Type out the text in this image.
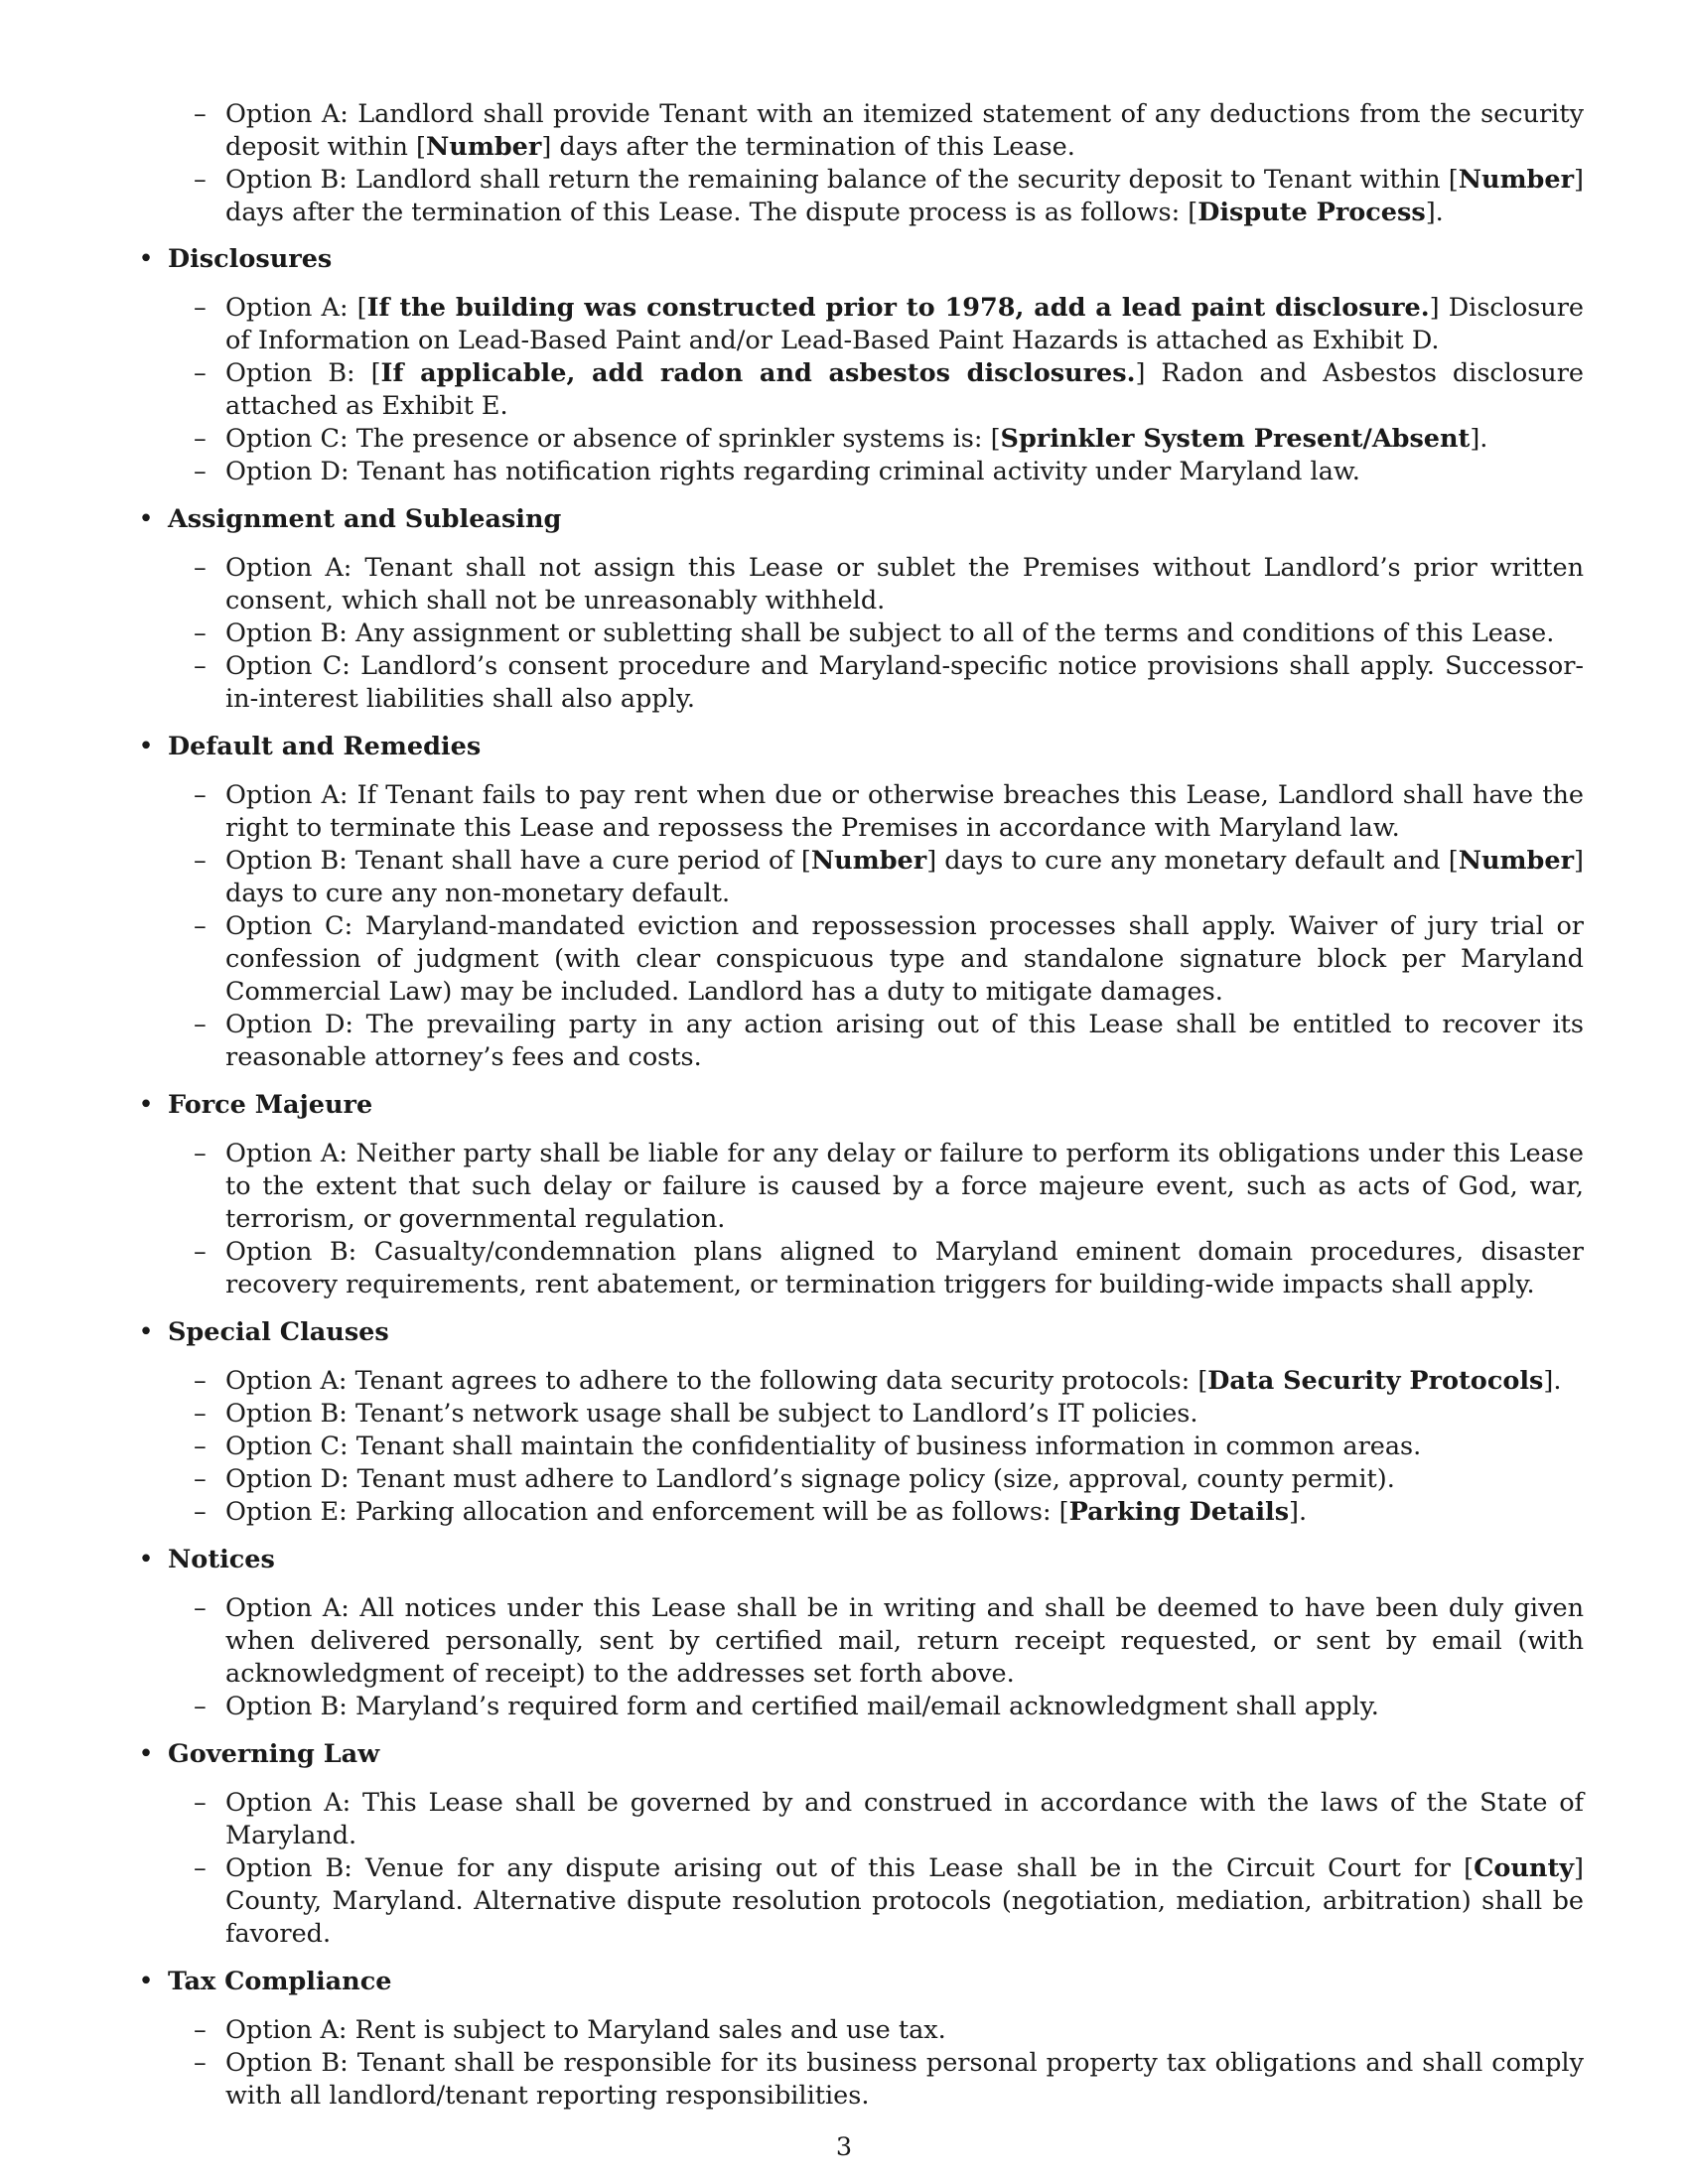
– Option A: Landlord shall provide Tenant with an itemized statement of any deductions from the security deposit within [Number] days after the termination of this Lease.
– Option B: Landlord shall return the remaining balance of the security deposit to Tenant within [Number] days after the termination of this Lease. The dispute process is as follows: [Dispute Process].
• Disclosures
– Option A: [If the building was constructed prior to 1978, add a lead paint disclosure.] Disclosure of Information on Lead-Based Paint and/or Lead-Based Paint Hazards is attached as Exhibit D.
– Option B: [If applicable, add radon and asbestos disclosures.] Radon and Asbestos disclosure attached as Exhibit E.
– Option C: The presence or absence of sprinkler systems is: [Sprinkler System Present/Absent].
– Option D: Tenant has notification rights regarding criminal activity under Maryland law.
• Assignment and Subleasing
– Option A: Tenant shall not assign this Lease or sublet the Premises without Landlord’s prior written consent, which shall not be unreasonably withheld.
– Option B: Any assignment or subletting shall be subject to all of the terms and conditions of this Lease.
– Option C: Landlord’s consent procedure and Maryland-specific notice provisions shall apply. Successor-in-interest liabilities shall also apply.
• Default and Remedies
– Option A: If Tenant fails to pay rent when due or otherwise breaches this Lease, Landlord shall have the right to terminate this Lease and repossess the Premises in accordance with Maryland law.
– Option B: Tenant shall have a cure period of [Number] days to cure any monetary default and [Number] days to cure any non-monetary default.
– Option C: Maryland-mandated eviction and repossession processes shall apply. Waiver of jury trial or confession of judgment (with clear conspicuous type and standalone signature block per Maryland Commercial Law) may be included. Landlord has a duty to mitigate damages.
– Option D: The prevailing party in any action arising out of this Lease shall be entitled to recover its reasonable attorney’s fees and costs.
• Force Majeure
– Option A: Neither party shall be liable for any delay or failure to perform its obligations under this Lease to the extent that such delay or failure is caused by a force majeure event, such as acts of God, war, terrorism, or governmental regulation.
– Option B: Casualty/condemnation plans aligned to Maryland eminent domain procedures, disaster recovery requirements, rent abatement, or termination triggers for building-wide impacts shall apply.
• Special Clauses
– Option A: Tenant agrees to adhere to the following data security protocols: [Data Security Protocols].
– Option B: Tenant’s network usage shall be subject to Landlord’s IT policies.
– Option C: Tenant shall maintain the confidentiality of business information in common areas.
– Option D: Tenant must adhere to Landlord’s signage policy (size, approval, county permit).
– Option E: Parking allocation and enforcement will be as follows: [Parking Details].
• Notices
– Option A: All notices under this Lease shall be in writing and shall be deemed to have been duly given when delivered personally, sent by certified mail, return receipt requested, or sent by email (with acknowledgment of receipt) to the addresses set forth above.
– Option B: Maryland’s required form and certified mail/email acknowledgment shall apply.
• Governing Law
– Option A: This Lease shall be governed by and construed in accordance with the laws of the State of Maryland.
– Option B: Venue for any dispute arising out of this Lease shall be in the Circuit Court for [County] County, Maryland. Alternative dispute resolution protocols (negotiation, mediation, arbitration) shall be favored.
• Tax Compliance
– Option A: Rent is subject to Maryland sales and use tax.
– Option B: Tenant shall be responsible for its business personal property tax obligations and shall comply with all landlord/tenant reporting responsibilities.
3
